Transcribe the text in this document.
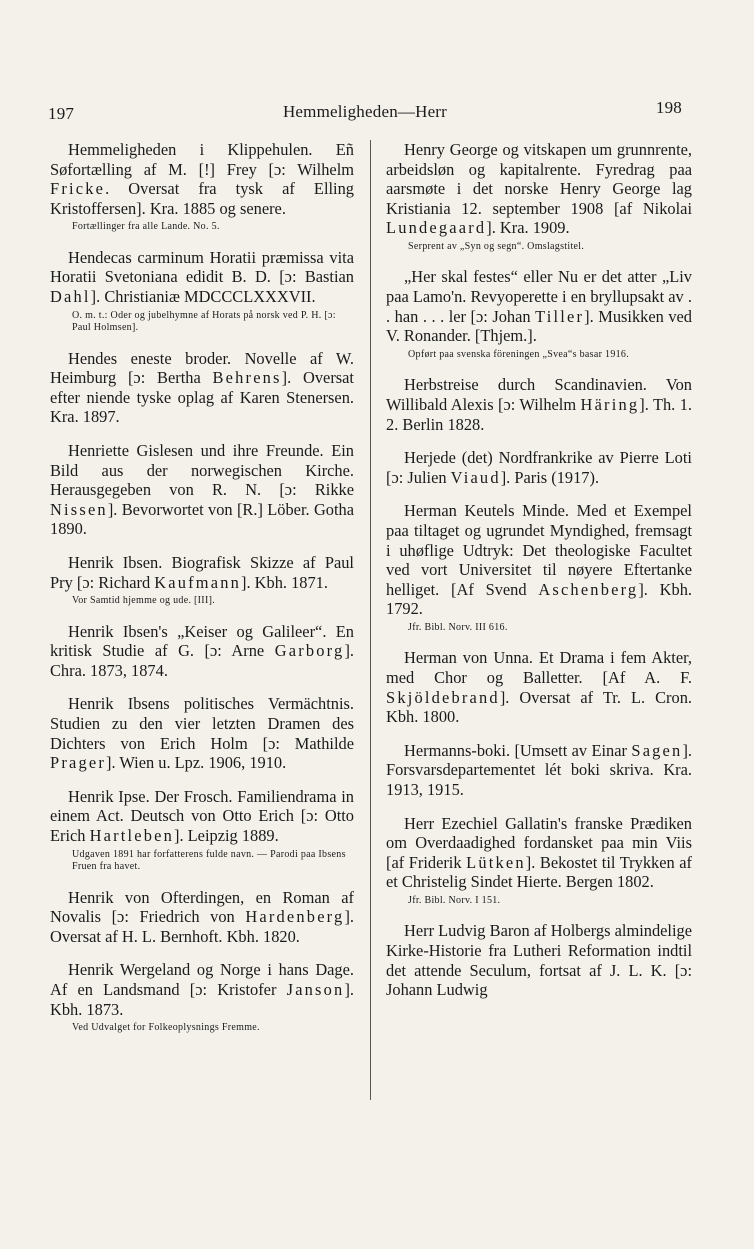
197	Hemmeligheden—Herr	198

Hemmeligheden i Klippehulen. Eñ Søfortælling af M. [!] Frey [ɔ: Wilhelm Fricke. Oversat fra tysk af Elling Kristoffersen]. Kra. 1885 og senere.
Fortællinger fra alle Lande. No. 5.

Hendecas carminum Horatii præmissa vita Horatii Svetoniana edidit B. D. [ɔ: Bastian Dahl]. Christianiæ MDCCCLXXXVII.
O. m. t.: Oder og jubelhymne af Horats på norsk ved P. H. [ɔ: Paul Holmsen].

Hendes eneste broder. Novelle af W. Heimburg [ɔ: Bertha Behrens]. Oversat efter niende tyske oplag af Karen Stenersen. Kra. 1897.

Henriette Gislesen und ihre Freunde. Ein Bild aus der norwegischen Kirche. Herausgegeben von R. N. [ɔ: Rikke Nissen]. Bevorwortet von [R.] Löber. Gotha 1890.

Henrik Ibsen. Biografisk Skizze af Paul Pry [ɔ: Richard Kaufmann]. Kbh. 1871.
Vor Samtid hjemme og ude. [III].

Henrik Ibsen's „Keiser og Galileer“. En kritisk Studie af G. [ɔ: Arne Garborg]. Chra. 1873, 1874.

Henrik Ibsens politisches Vermächtnis. Studien zu den vier letzten Dramen des Dichters von Erich Holm [ɔ: Mathilde Prager]. Wien u. Lpz. 1906, 1910.

Henrik Ipse. Der Frosch. Familiendrama in einem Act. Deutsch von Otto Erich [ɔ: Otto Erich Hartleben]. Leipzig 1889.
Udgaven 1891 har forfatterens fulde navn. — Parodi paa Ibsens Fruen fra havet.

Henrik von Ofterdingen, en Roman af Novalis [ɔ: Friedrich von Hardenberg]. Oversat af H. L. Bernhoft. Kbh. 1820.

Henrik Wergeland og Norge i hans Dage. Af en Landsmand [ɔ: Kristofer Janson]. Kbh. 1873.
Ved Udvalget for Folkeoplysnings Fremme.

Henry George og vitskapen um grunnrente, arbeidsløn og kapitalrente. Fyredrag paa aarsmøte i det norske Henry George lag Kristiania 12. september 1908 [af Nikolai Lundegaard]. Kra. 1909.
Serprent av „Syn og segn“. Omslagstitel.

„Her skal festes“ eller Nu er det atter „Liv paa Lamo'n. Revyoperette i en bryllupsakt av . . han . . . ler [ɔ: Johan Tiller]. Musikken ved V. Ronander. [Thjem.].
Opført paa svenska föreningen „Svea“s basar 1916.

Herbstreise durch Scandinavien. Von Willibald Alexis [ɔ: Wilhelm Häring]. Th. 1. 2. Berlin 1828.

Herjede (det) Nordfrankrike av Pierre Loti [ɔ: Julien Viaud]. Paris (1917).

Herman Keutels Minde. Med et Exempel paa tiltaget og ugrundet Myndighed, fremsagt i uhøflige Udtryk: Det theologiske Facultet ved vort Universitet til nøyere Eftertanke helliget. [Af Svend Aschenberg]. Kbh. 1792.
Jfr. Bibl. Norv. III 616.

Herman von Unna. Et Drama i fem Akter, med Chor og Balletter. [Af A. F. Skjöldebrand]. Oversat af Tr. L. Cron. Kbh. 1800.

Hermanns-boki. [Umsett av Einar Sagen]. Forsvarsdepartementet lét boki skriva. Kra. 1913, 1915.

Herr Ezechiel Gallatin's franske Prædiken om Overdaadighed fordansket paa min Viis [af Friderik Lütken]. Bekostet til Trykken af et Christelig Sindet Hierte. Bergen 1802.
Jfr. Bibl. Norv. I 151.

Herr Ludvig Baron af Holbergs almindelige Kirke-Historie fra Lutheri Reformation indtil det attende Seculum, fortsat af J. L. K. [ɔ: Johann Ludwig
